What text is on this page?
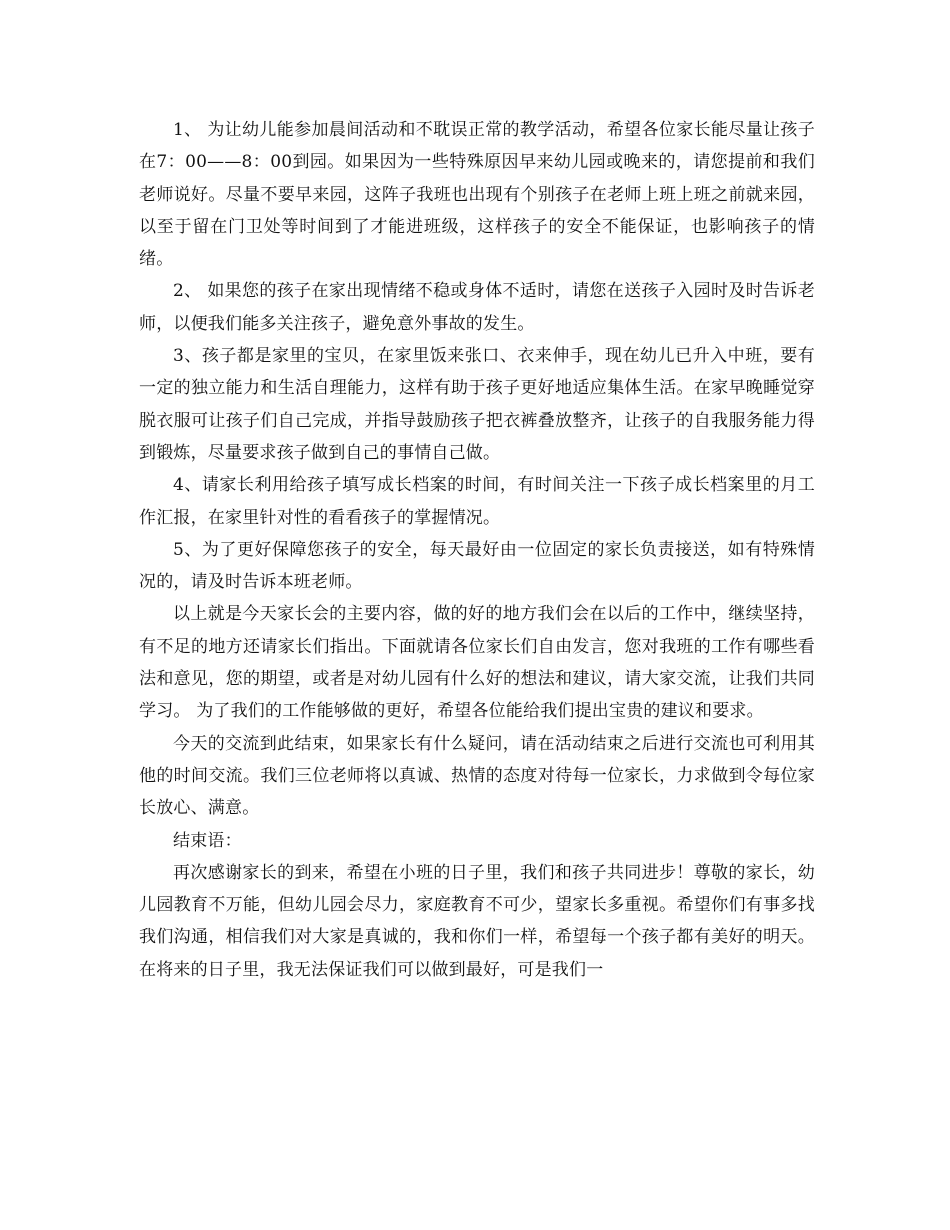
1、 为让幼儿能参加晨间活动和不耽误正常的教学活动，希望各位家长能尽量让孩子在7：00——8：00到园。如果因为一些特殊原因早来幼儿园或晚来的，请您提前和我们老师说好。尽量不要早来园，这阵子我班也出现有个别孩子在老师上班上班之前就来园，以至于留在门卫处等时间到了才能进班级，这样孩子的安全不能保证，也影响孩子的情绪。

2、 如果您的孩子在家出现情绪不稳或身体不适时，请您在送孩子入园时及时告诉老师，以便我们能多关注孩子，避免意外事故的发生。

3、孩子都是家里的宝贝，在家里饭来张口、衣来伸手，现在幼儿已升入中班，要有一定的独立能力和生活自理能力，这样有助于孩子更好地适应集体生活。在家早晚睡觉穿脱衣服可让孩子们自己完成，并指导鼓励孩子把衣裤叠放整齐，让孩子的自我服务能力得到锻炼，尽量要求孩子做到自己的事情自己做。

4、请家长利用给孩子填写成长档案的时间，有时间关注一下孩子成长档案里的月工作汇报，在家里针对性的看看孩子的掌握情况。

5、为了更好保障您孩子的安全，每天最好由一位固定的家长负责接送，如有特殊情况的，请及时告诉本班老师。

以上就是今天家长会的主要内容，做的好的地方我们会在以后的工作中，继续坚持，有不足的地方还请家长们指出。下面就请各位家长们自由发言，您对我班的工作有哪些看法和意见，您的期望，或者是对幼儿园有什么好的想法和建议，请大家交流，让我们共同学习。 为了我们的工作能够做的更好，希望各位能给我们提出宝贵的建议和要求。

今天的交流到此结束，如果家长有什么疑问，请在活动结束之后进行交流也可利用其他的时间交流。我们三位老师将以真诚、热情的态度对待每一位家长，力求做到令每位家长放心、满意。

结束语：

再次感谢家长的到来，希望在小班的日子里，我们和孩子共同进步！尊敬的家长，幼儿园教育不万能，但幼儿园会尽力，家庭教育不可少，望家长多重视。希望你们有事多找我们沟通，相信我们对大家是真诚的，我和你们一样，希望每一个孩子都有美好的明天。在将来的日子里，我无法保证我们可以做到最好，可是我们一
